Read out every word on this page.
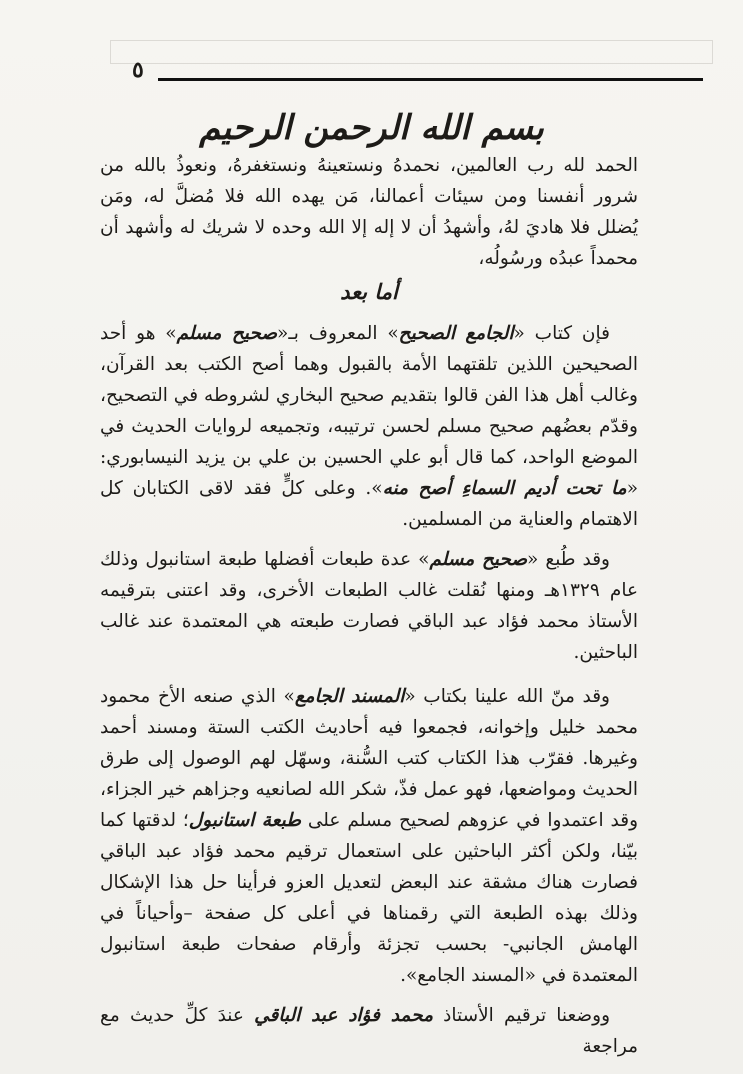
٥
بسم الله الرحمن الرحيم

الحمد لله رب العالمين، نحمدهُ ونستعينهُ ونستغفرهُ، ونعوذُ بالله من شرور أنفسنا ومن سيئات أعمالنا، مَن يهده الله فلا مُضلَّ له، ومَن يُضلل فلا هاديَ لهُ، وأشهدُ أن لا إله إلا الله وحده لا شريك له وأشهد أن محمداً عبدُه ورسُولُه،

أما بعد

فإن كتاب «الجامع الصحيح» المعروف بـ«صحيح مسلم» هو أحد الصحيحين اللذين تلقتهما الأمة بالقبول وهما أصح الكتب بعد القرآن، وغالب أهل هذا الفن قالوا بتقديم صحيح البخاري لشروطه في التصحيح، وقدّم بعضُهم صحيح مسلم لحسن ترتيبه، وتجميعه لروايات الحديث في الموضع الواحد، كما قال أبو علي الحسين بن علي بن يزيد النيسابوري: «ما تحت أديم السماءِ أصح منه». وعلى كلٍّ فقد لاقى الكتابان كل الاهتمام والعناية من المسلمين.

وقد طُبع «صحيح مسلم» عدة طبعات أفضلها طبعة استانبول وذلك عام ١٣٢٩هـ ومنها نُقلت غالب الطبعات الأخرى، وقد اعتنى بترقيمه الأستاذ محمد فؤاد عبد الباقي فصارت طبعته هي المعتمدة عند غالب الباحثين.

وقد منّ الله علينا بكتاب «المسند الجامع» الذي صنعه الأخ محمود محمد خليل وإخوانه، فجمعوا فيه أحاديث الكتب الستة ومسند أحمد وغيرها. فقرّب هذا الكتاب كتب السُّنة، وسهّل لهم الوصول إلى طرق الحديث ومواضعها، فهو عمل فذّ، شكر الله لصانعيه وجزاهم خير الجزاء، وقد اعتمدوا في عزوهم لصحيح مسلم على طبعة استانبول؛ لدقتها كما بيّنا، ولكن أكثر الباحثين على استعمال ترقيم محمد فؤاد عبد الباقي فصارت هناك مشقة عند البعض لتعديل العزو فرأينا حل هذا الإشكال وذلك بهذه الطبعة التي رقمناها في أعلى كل صفحة –وأحياناً في الهامش الجانبي- بحسب تجزئة وأرقام صفحات طبعة استانبول المعتمدة في «المسند الجامع».

ووضعنا ترقيم الأستاذ محمد فؤاد عبد الباقي عندَ كلِّ حديث مع مراجعة
